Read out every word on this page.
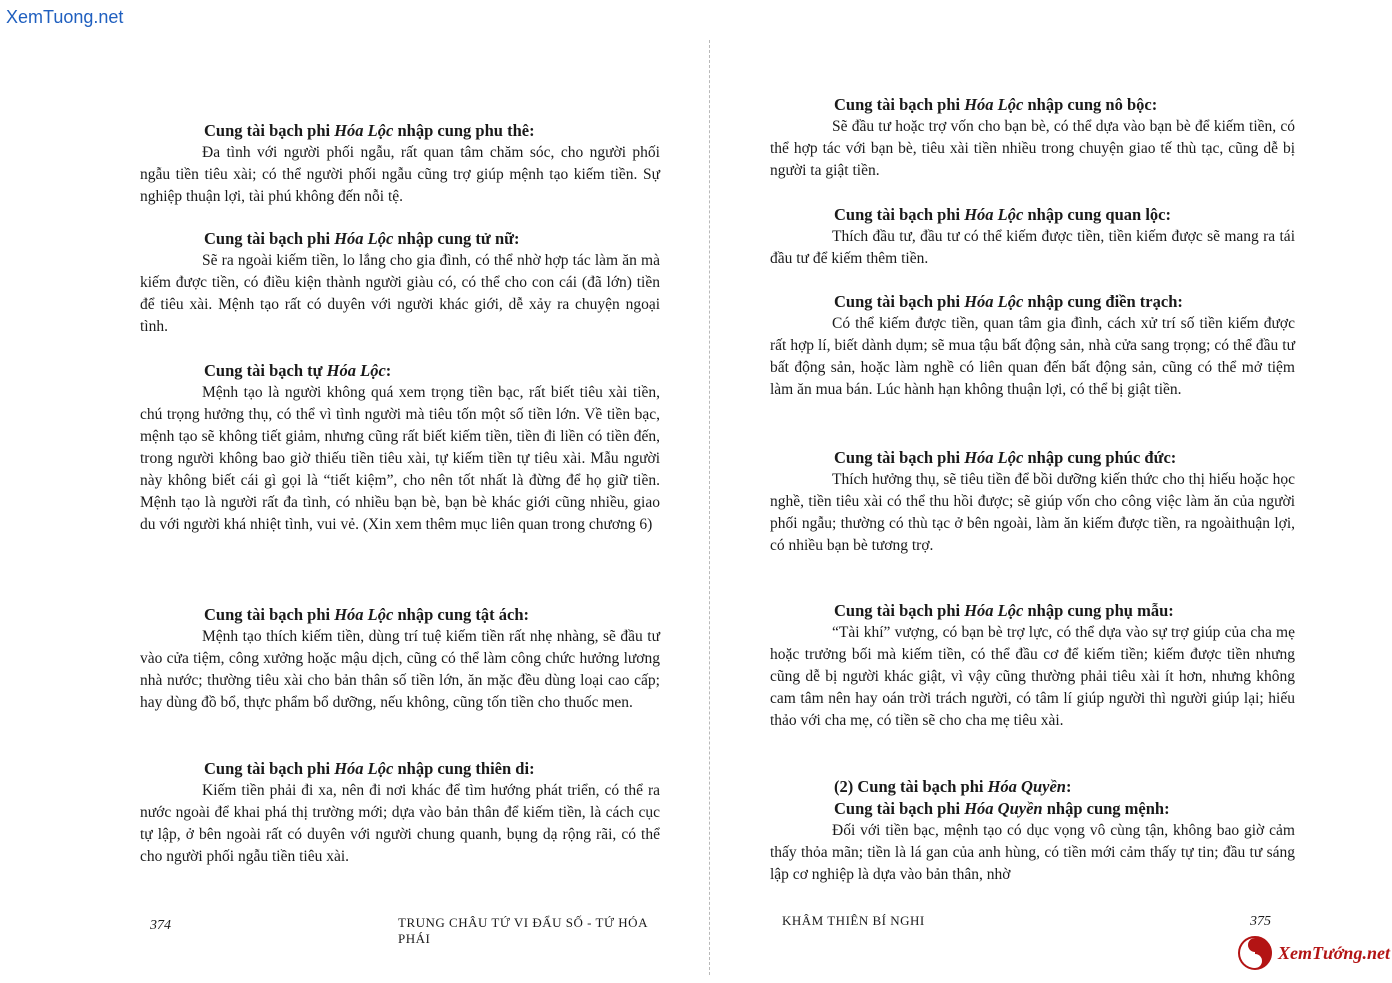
XemTuong.net
Cung tài bạch phi Hóa Lộc nhập cung phu thê:

Đa tình với người phối ngẫu, rất quan tâm chăm sóc, cho người phối ngẫu tiền tiêu xài; có thể người phối ngẫu cũng trợ giúp mệnh tạo kiếm tiền. Sự nghiệp thuận lợi, tài phú không đến nỗi tệ.

Cung tài bạch phi Hóa Lộc nhập cung tử nữ:

Sẽ ra ngoài kiếm tiền, lo lắng cho gia đình, có thể nhờ hợp tác làm ăn mà kiếm được tiền, có điều kiện thành người giàu có, có thể cho con cái (đã lớn) tiền để tiêu xài. Mệnh tạo rất có duyên với người khác giới, dễ xảy ra chuyện ngoại tình.

Cung tài bạch tự Hóa Lộc:

Mệnh tạo là người không quá xem trọng tiền bạc, rất biết tiêu xài tiền, chú trọng hưởng thụ, có thể vì tình người mà tiêu tốn một số tiền lớn. Về tiền bạc, mệnh tạo sẽ không tiết giảm, nhưng cũng rất biết kiếm tiền, tiền đi liền có tiền đến, trong người không bao giờ thiếu tiền tiêu xài, tự kiếm tiền tự tiêu xài. Mẫu người này không biết cái gì gọi là “tiết kiệm”, cho nên tốt nhất là đừng để họ giữ tiền. Mệnh tạo là người rất đa tình, có nhiều bạn bè, bạn bè khác giới cũng nhiều, giao du với người khá nhiệt tình, vui vẻ. (Xin xem thêm mục liên quan trong chương 6)

Cung tài bạch phi Hóa Lộc nhập cung tật ách:

Mệnh tạo thích kiếm tiền, dùng trí tuệ kiếm tiền rất nhẹ nhàng, sẽ đầu tư vào cửa tiệm, công xưởng hoặc mậu dịch, cũng có thể làm công chức hưởng lương nhà nước; thường tiêu xài cho bản thân số tiền lớn, ăn mặc đều dùng loại cao cấp; hay dùng đồ bổ, thực phẩm bổ dưỡng, nếu không, cũng tốn tiền cho thuốc men.

Cung tài bạch phi Hóa Lộc nhập cung thiên di:

Kiếm tiền phải đi xa, nên đi nơi khác để tìm hướng phát triển, có thể ra nước ngoài để khai phá thị trường mới; dựa vào bản thân để kiếm tiền, là cách cục tự lập, ở bên ngoài rất có duyên với người chung quanh, bụng dạ rộng rãi, có thể cho người phối ngẫu tiền tiêu xài.

374	TRUNG CHÂU TỨ VI ĐẨU SỐ - TỨ HÓA PHÁI
Cung tài bạch phi Hóa Lộc nhập cung nô bộc:

Sẽ đầu tư hoặc trợ vốn cho bạn bè, có thể dựa vào bạn bè để kiếm tiền, có thể hợp tác với bạn bè, tiêu xài tiền nhiều trong chuyện giao tế thù tạc, cũng dễ bị người ta giật tiền.

Cung tài bạch phi Hóa Lộc nhập cung quan lộc:

Thích đầu tư, đầu tư có thể kiếm được tiền, tiền kiếm được sẽ mang ra tái đầu tư để kiếm thêm tiền.

Cung tài bạch phi Hóa Lộc nhập cung điền trạch:

Có thể kiếm được tiền, quan tâm gia đình, cách xử trí số tiền kiếm được rất hợp lí, biết dành dụm; sẽ mua tậu bất động sản, nhà cửa sang trọng; có thể đầu tư bất động sản, hoặc làm nghề có liên quan đến bất động sản, cũng có thể mở tiệm làm ăn mua bán. Lúc hành hạn không thuận lợi, có thể bị giật tiền.

Cung tài bạch phi Hóa Lộc nhập cung phúc đức:

Thích hưởng thụ, sẽ tiêu tiền để bồi dưỡng kiến thức cho thị hiếu hoặc học nghề, tiền tiêu xài có thể thu hồi được; sẽ giúp vốn cho công việc làm ăn của người phối ngẫu; thường có thù tạc ở bên ngoài, làm ăn kiếm được tiền, ra ngoàithuận lợi, có nhiều bạn bè tương trợ.

Cung tài bạch phi Hóa Lộc nhập cung phụ mẫu:

“Tài khí” vượng, có bạn bè trợ lực, có thể dựa vào sự trợ giúp của cha mẹ hoặc trưởng bối mà kiếm tiền, có thể đầu cơ để kiếm tiền; kiếm được tiền nhưng cũng dễ bị người khác giật, vì vậy cũng thường phải tiêu xài ít hơn, nhưng không cam tâm nên hay oán trời trách người, có tâm lí giúp người thì người giúp lại; hiếu thảo với cha mẹ, có tiền sẽ cho cha mẹ tiêu xài.

(2) Cung tài bạch phi Hóa Quyền:
Cung tài bạch phi Hóa Quyền nhập cung mệnh:

Đối với tiền bạc, mệnh tạo có dục vọng vô cùng tận, không bao giờ cảm thấy thỏa mãn; tiền là lá gan của anh hùng, có tiền mới cảm thấy tự tin; đầu tư sáng lập cơ nghiệp là dựa vào bản thân, nhờ

KHÂM THIÊN BÍ NGHI	375
XemTướng.net
